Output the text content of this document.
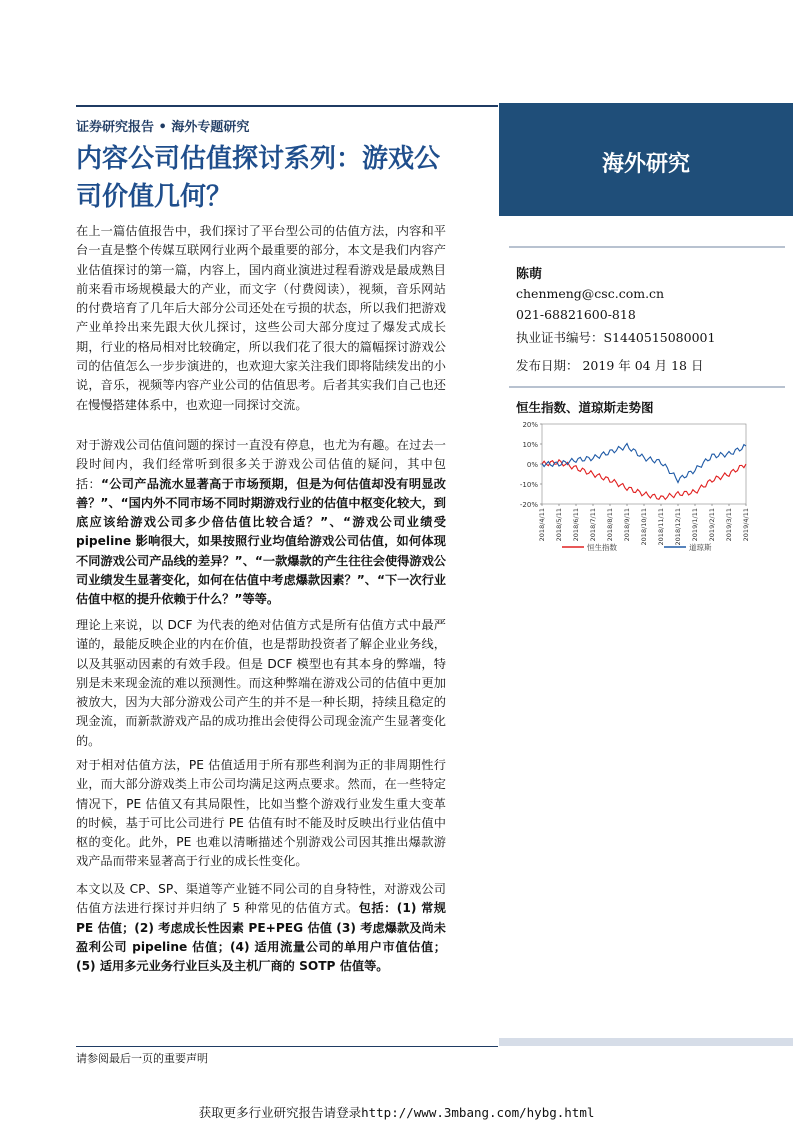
证券研究报告 • 海外专题研究
内容公司估值探讨系列：游戏公
司价值几何？
在上一篇估值报告中，我们探讨了平台型公司的估值方法，内容和平台一直是整个传媒互联网行业两个最重要的部分，本文是我们内容产业估值探讨的第一篇，内容上，国内商业演进过程看游戏是最成熟目前来看市场规模最大的产业，而文字（付费阅读），视频，音乐网站的付费培育了几年后大部分公司还处在亏损的状态，所以我们把游戏产业单拎出来先跟大伙儿探讨，这些公司大部分度过了爆发式成长期，行业的格局相对比较确定，所以我们花了很大的篇幅探讨游戏公司的估值怎么一步步演进的，也欢迎大家关注我们即将陆续发出的小说，音乐，视频等内容产业公司的估值思考。后者其实我们自己也还在慢慢搭建体系中，也欢迎一同探讨交流。
对于游戏公司估值问题的探讨一直没有停息，也尤为有趣。在过去一段时间内，我们经常听到很多关于游戏公司估值的疑问，其中包括：“公司产品流水显著高于市场预期，但是为何估值却没有明显改善？”、“国内外不同市场不同时期游戏行业的估值中枢变化较大，到底应该给游戏公司多少倍估值比较合适？”、“游戏公司业绩受 pipeline 影响很大，如果按照行业均值给游戏公司估值，如何体现不同游戏公司产品线的差异？”、“一款爆款的产生往往会使得游戏公司业绩发生显著变化，如何在估值中考虑爆款因素？”、“下一次行业估值中枢的提升依赖于什么？”等等。
理论上来说，以 DCF 为代表的绝对估值方式是所有估值方式中最严谨的，最能反映企业的内在价值，也是帮助投资者了解企业业务线，以及其驱动因素的有效手段。但是 DCF 模型也有其本身的弊端，特别是未来现金流的难以预测性。而这种弊端在游戏公司的估值中更加被放大，因为大部分游戏公司产生的并不是一种长期，持续且稳定的现金流，而新款游戏产品的成功推出会使得公司现金流产生显著变化的。
对于相对估值方法，PE 估值适用于所有那些利润为正的非周期性行业，而大部分游戏类上市公司均满足这两点要求。然而，在一些特定情况下，PE 估值又有其局限性，比如当整个游戏行业发生重大变革的时候，基于可比公司进行 PE 估值有时不能及时反映出行业估值中枢的变化。此外，PE 也难以清晰描述个别游戏公司因其推出爆款游戏产品而带来显著高于行业的成长性变化。
本文以及 CP、SP、渠道等产业链不同公司的自身特性，对游戏公司估值方法进行探讨并归纳了 5 种常见的估值方式。包括：(1) 常规 PE 估值；(2) 考虑成长性因素 PE+PEG 估值 (3) 考虑爆款及尚未盈利公司 pipeline 估值；(4) 适用流量公司的单用户市值估值；(5) 适用多元业务行业巨头及主机厂商的 SOTP 估值等。
海外研究
陈萌
chenmeng@csc.com.cn
021-68821600-818
执业证书编号：S1440515080001
发布日期： 2019 年 04 月 18 日
恒生指数、道琼斯走势图
20%
10%
0%
-10%
-20%
2018/4/11 2018/5/11 2018/6/11 2018/7/11 2018/8/11 2018/9/11 2018/10/11 2018/11/11 2018/12/11 2019/1/11 2019/2/11 2019/3/11 2019/4/11
恒生指数	道琼斯
请参阅最后一页的重要声明
获取更多行业研究报告请登录http://www.3mbang.com/hybg.html
